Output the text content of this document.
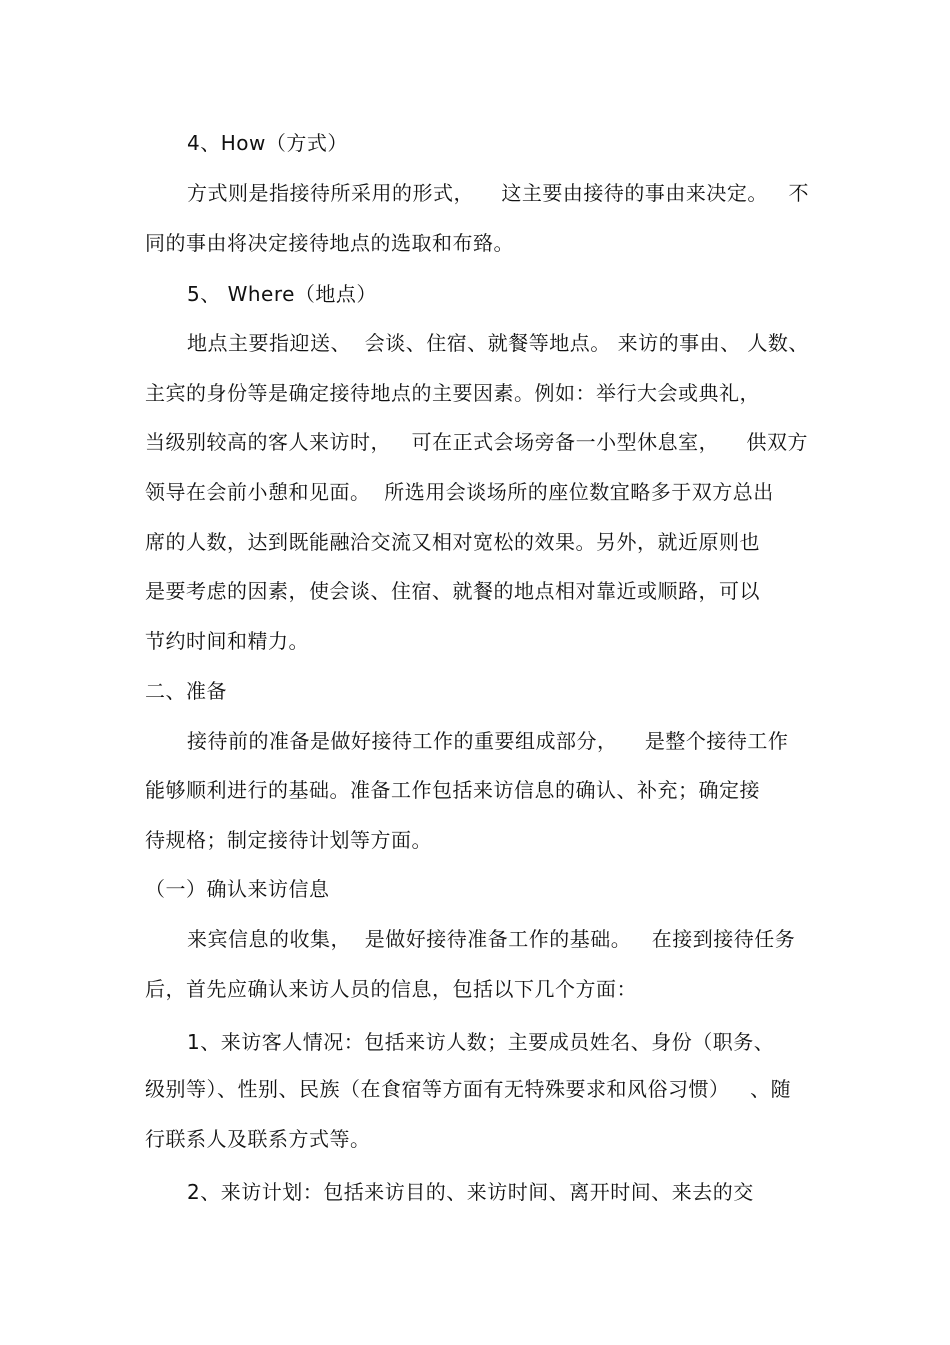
4、How（方式）
方式则是指接待所采用的形式，    这主要由接待的事由来决定。   不
同的事由将决定接待地点的选取和布臵。
5、 Where（地点）
地点主要指迎送、  会谈、住宿、就餐等地点。 来访的事由、 人数、
主宾的身份等是确定接待地点的主要因素。例如：举行大会或典礼，
当级别较高的客人来访时，   可在正式会场旁备一小型休息室，    供双方
领导在会前小憩和见面。  所选用会谈场所的座位数宜略多于双方总出
席的人数，达到既能融洽交流又相对宽松的效果。另外，就近原则也
是要考虑的因素，使会谈、住宿、就餐的地点相对靠近或顺路，可以
节约时间和精力。
二、准备
接待前的准备是做好接待工作的重要组成部分，    是整个接待工作
能够顺利进行的基础。准备工作包括来访信息的确认、补充；确定接
待规格；制定接待计划等方面。
（一）确认来访信息
来宾信息的收集，  是做好接待准备工作的基础。   在接到接待任务
后，首先应确认来访人员的信息，包括以下几个方面：
1、来访客人情况：包括来访人数；主要成员姓名、身份（职务、
级别等）、性别、民族（在食宿等方面有无特殊要求和风俗习惯）   、随
行联系人及联系方式等。
2、来访计划：包括来访目的、来访时间、离开时间、来去的交
